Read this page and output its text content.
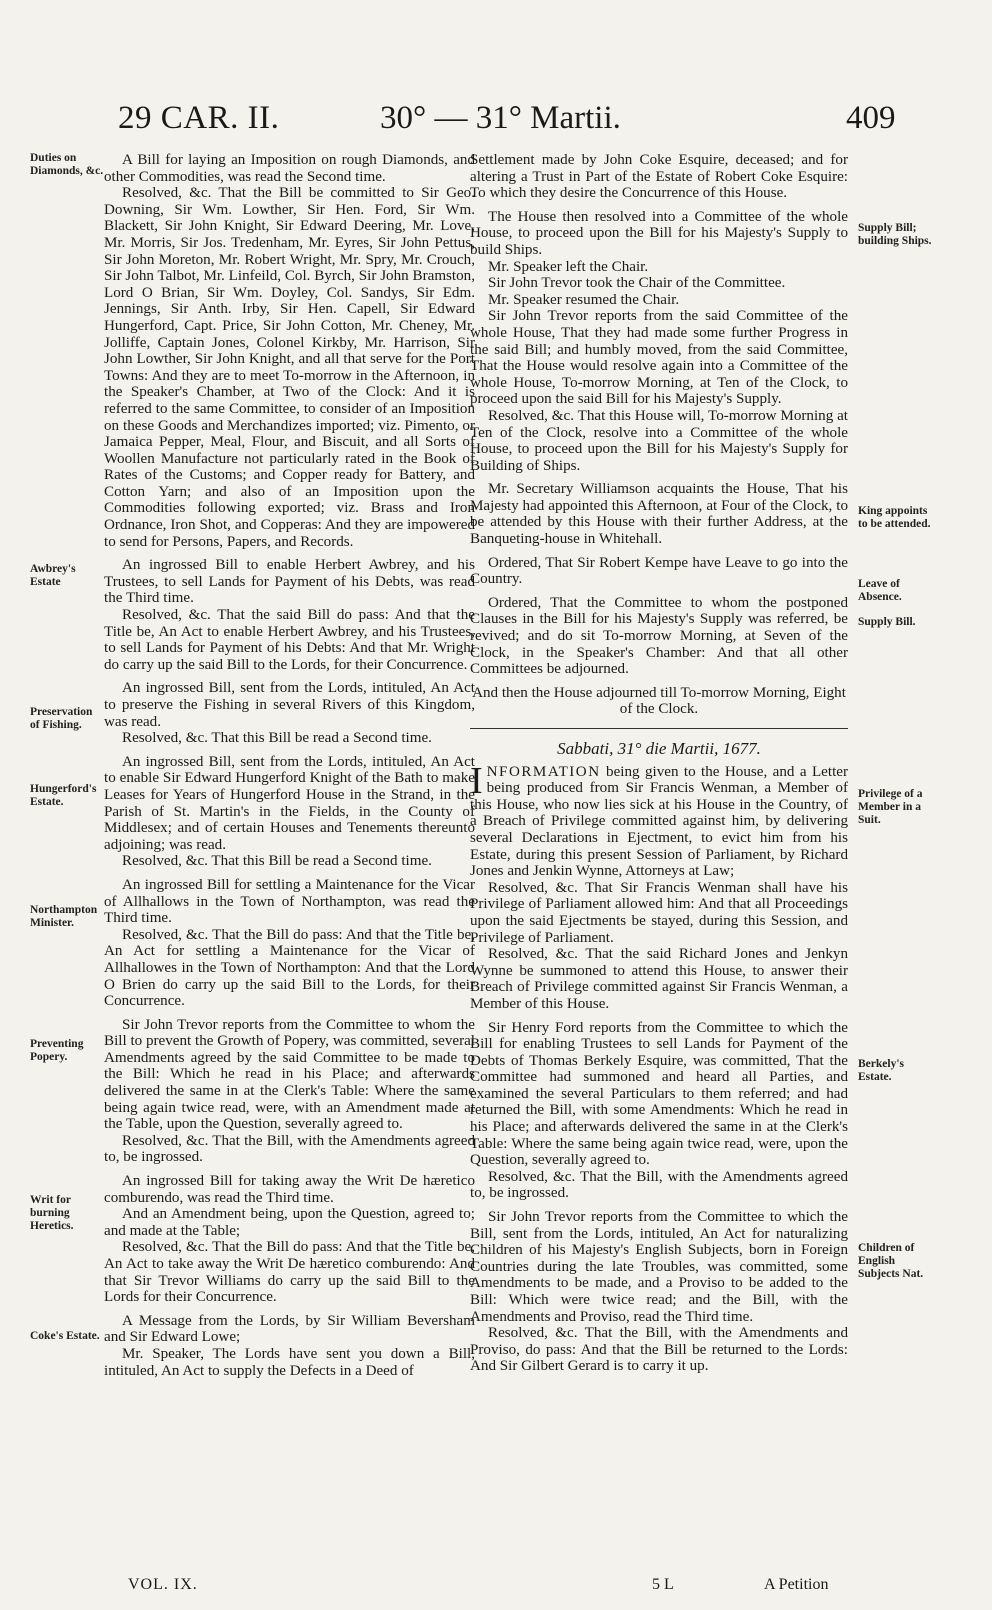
29 CAR. II.	30° — 31° Martii.	409
Duties on Diamonds, &c.
Awbrey's Estate
Preservation of Fishing.
Hungerford's Estate.
Northampton Minister.
Preventing Popery.
Writ for burning Heretics.
Coke's Estate.
Supply Bill; building Ships.
King appoints to be attended.
Leave of Absence.
Supply Bill.
Privilege of a Member in a Suit.
Berkely's Estate.
Children of English Subjects Nat.

A Bill for laying an Imposition on rough Diamonds, and other Commodities, was read the Second time.

Resolved, &c. That the Bill be committed to Sir Geo. Downing, Sir Wm. Lowther, Sir Hen. Ford, Sir Wm. Blackett, Sir John Knight, Sir Edward Deering, Mr. Love, Mr. Morris, Sir Jos. Tredenham, Mr. Eyres, Sir John Pettus, Sir John Moreton, Mr. Robert Wright, Mr. Spry, Mr. Crouch, Sir John Talbot, Mr. Linfeild, Col. Byrch, Sir John Bramston, Lord O Brian, Sir Wm. Doyley, Col. Sandys, Sir Edm. Jennings, Sir Anth. Irby, Sir Hen. Capell, Sir Edward Hungerford, Capt. Price, Sir John Cotton, Mr. Cheney, Mr. Jolliffe, Captain Jones, Colonel Kirkby, Mr. Harrison, Sir John Lowther, Sir John Knight, and all that serve for the Port Towns: And they are to meet To-morrow in the Afternoon, in the Speaker's Chamber, at Two of the Clock: And it is referred to the same Committee, to consider of an Imposition on these Goods and Merchandizes imported; viz. Pimento, or Jamaica Pepper, Meal, Flour, and Biscuit, and all Sorts of Woollen Manufacture not particularly rated in the Book of Rates of the Customs; and Copper ready for Battery, and Cotton Yarn; and also of an Imposition upon the Commodities following exported; viz. Brass and Iron Ordnance, Iron Shot, and Copperas: And they are impowered to send for Persons, Papers, and Records.

An ingrossed Bill to enable Herbert Awbrey, and his Trustees, to sell Lands for Payment of his Debts, was read the Third time.

Resolved, &c. That the said Bill do pass: And that the Title be, An Act to enable Herbert Awbrey, and his Trustees, to sell Lands for Payment of his Debts: And that Mr. Wright do carry up the said Bill to the Lords, for their Concurrence.

An ingrossed Bill, sent from the Lords, intituled, An Act to preserve the Fishing in several Rivers of this Kingdom, was read.

Resolved, &c. That this Bill be read a Second time.

An ingrossed Bill, sent from the Lords, intituled, An Act to enable Sir Edward Hungerford Knight of the Bath to make Leases for Years of Hungerford House in the Strand, in the Parish of St. Martin's in the Fields, in the County of Middlesex; and of certain Houses and Tenements thereunto adjoining; was read.

Resolved, &c. That this Bill be read a Second time.

An ingrossed Bill for settling a Maintenance for the Vicar of Allhallows in the Town of Northampton, was read the Third time.

Resolved, &c. That the Bill do pass: And that the Title be, An Act for settling a Maintenance for the Vicar of Allhallowes in the Town of Northampton: And that the Lord O Brien do carry up the said Bill to the Lords, for their Concurrence.

Sir John Trevor reports from the Committee to whom the Bill to prevent the Growth of Popery, was committed, several Amendments agreed by the said Committee to be made to the Bill: Which he read in his Place; and afterwards delivered the same in at the Clerk's Table: Where the same being again twice read, were, with an Amendment made at the Table, upon the Question, severally agreed to.

Resolved, &c. That the Bill, with the Amendments agreed to, be ingrossed.

An ingrossed Bill for taking away the Writ De hæretico comburendo, was read the Third time.

And an Amendment being, upon the Question, agreed to; and made at the Table;

Resolved, &c. That the Bill do pass: And that the Title be, An Act to take away the Writ De hæretico comburendo: And that Sir Trevor Williams do carry up the said Bill to the Lords for their Concurrence.

A Message from the Lords, by Sir William Beversham and Sir Edward Lowe;

Mr. Speaker, The Lords have sent you down a Bill, intituled, An Act to supply the Defects in a Deed of

Settlement made by John Coke Esquire, deceased; and for altering a Trust in Part of the Estate of Robert Coke Esquire: To which they desire the Concurrence of this House.

The House then resolved into a Committee of the whole House, to proceed upon the Bill for his Majesty's Supply to build Ships.

Mr. Speaker left the Chair.

Sir John Trevor took the Chair of the Committee.

Mr. Speaker resumed the Chair.

Sir John Trevor reports from the said Committee of the whole House, That they had made some further Progress in the said Bill; and humbly moved, from the said Committee, That the House would resolve again into a Committee of the whole House, To-morrow Morning, at Ten of the Clock, to proceed upon the said Bill for his Majesty's Supply.

Resolved, &c. That this House will, To-morrow Morning at Ten of the Clock, resolve into a Committee of the whole House, to proceed upon the Bill for his Majesty's Supply for Building of Ships.

Mr. Secretary Williamson acquaints the House, That his Majesty had appointed this Afternoon, at Four of the Clock, to be attended by this House with their further Address, at the Banqueting-house in Whitehall.

Ordered, That Sir Robert Kempe have Leave to go into the Country.

Ordered, That the Committee to whom the postponed Clauses in the Bill for his Majesty's Supply was referred, be revived; and do sit To-morrow Morning, at Seven of the Clock, in the Speaker's Chamber: And that all other Committees be adjourned.

And then the House adjourned till To-morrow Morning, Eight of the Clock.

Sabbati, 31° die Martii, 1677.

INFORMATION being given to the House, and a Letter being produced from Sir Francis Wenman, a Member of this House, who now lies sick at his House in the Country, of a Breach of Privilege committed against him, by delivering several Declarations in Ejectment, to evict him from his Estate, during this present Session of Parliament, by Richard Jones and Jenkin Wynne, Attorneys at Law;

Resolved, &c. That Sir Francis Wenman shall have his Privilege of Parliament allowed him: And that all Proceedings upon the said Ejectments be stayed, during this Session, and Privilege of Parliament.

Resolved, &c. That the said Richard Jones and Jenkyn Wynne be summoned to attend this House, to answer their Breach of Privilege committed against Sir Francis Wenman, a Member of this House.

Sir Henry Ford reports from the Committee to which the Bill for enabling Trustees to sell Lands for Payment of the Debts of Thomas Berkely Esquire, was committed, That the Committee had summoned and heard all Parties, and examined the several Particulars to them referred; and had returned the Bill, with some Amendments: Which he read in his Place; and afterwards delivered the same in at the Clerk's Table: Where the same being again twice read, were, upon the Question, severally agreed to.

Resolved, &c. That the Bill, with the Amendments agreed to, be ingrossed.

Sir John Trevor reports from the Committee to which the Bill, sent from the Lords, intituled, An Act for naturalizing Children of his Majesty's English Subjects, born in Foreign Countries during the late Troubles, was committed, some Amendments to be made, and a Proviso to be added to the Bill: Which were twice read; and the Bill, with the Amendments and Proviso, read the Third time.

Resolved, &c. That the Bill, with the Amendments and Proviso, do pass: And that the Bill be returned to the Lords: And Sir Gilbert Gerard is to carry it up.

VOL. IX.	5 L	A Petition
